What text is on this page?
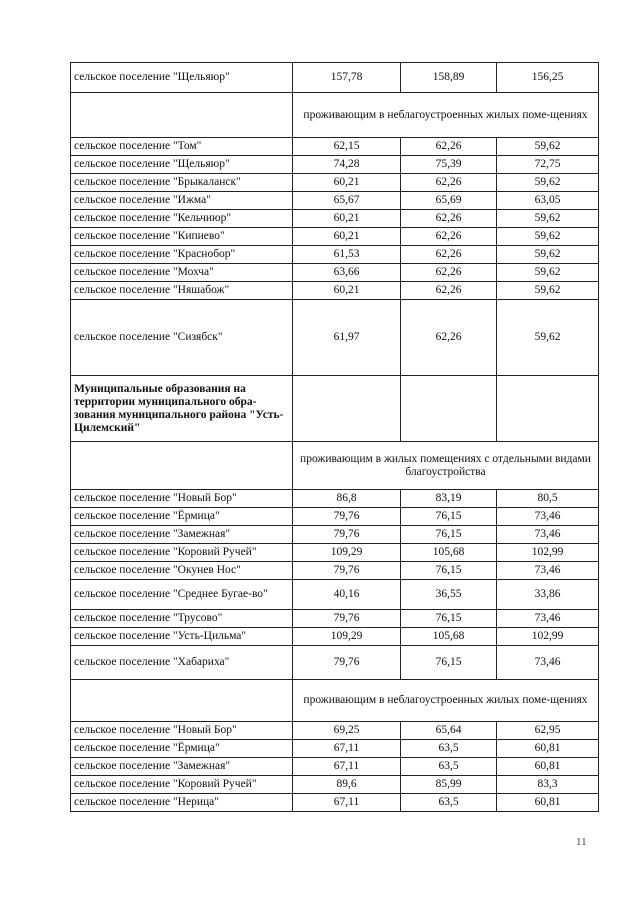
сельское поселение "Щельяюр"	157,78	158,89	156,25
	проживающим в неблагоустроенных жилых поме-щениях		
сельское поселение "Том"	62,15	62,26	59,62
сельское поселение "Щельяюр"	74,28	75,39	72,75
сельское поселение "Брыкаланск"	60,21	62,26	59,62
сельское поселение "Ижма"	65,67	65,69	63,05
сельское поселение "Кельчиюр"	60,21	62,26	59,62
сельское поселение "Кипиево"	60,21	62,26	59,62
сельское поселение "Краснобор"	61,53	62,26	59,62
сельское поселение "Мохча"	63,66	62,26	59,62
сельское поселение "Няшабож"	60,21	62,26	59,62
сельское поселение "Сизябск"	61,97	62,26	59,62
Муниципальные образования на территории муниципального обра-зования муниципального района "Усть-Цилемский"			
	проживающим в жилых помещениях с отдельными видами благоустройства		
сельское поселение "Новый Бор"	86,8	83,19	80,5
сельское поселение "Ёрмица"	79,76	76,15	73,46
сельское поселение "Замежная"	79,76	76,15	73,46
сельское поселение "Коровий Ручей"	109,29	105,68	102,99
сельское поселение "Окунев Нос"	79,76	76,15	73,46
сельское поселение "Среднее Бугае-во"	40,16	36,55	33,86
сельское поселение "Трусово"	79,76	76,15	73,46
сельское поселение "Усть-Цильма"	109,29	105,68	102,99
сельское поселение "Хабариха"	79,76	76,15	73,46
	проживающим в неблагоустроенных жилых поме-щениях		
сельское поселение "Новый Бор"	69,25	65,64	62,95
сельское поселение "Ёрмица"	67,11	63,5	60,81
сельское поселение "Замежная"	67,11	63,5	60,81
сельское поселение "Коровий Ручей"	89,6	85,99	83,3
сельское поселение "Нерица"	67,11	63,5	60,81
11
